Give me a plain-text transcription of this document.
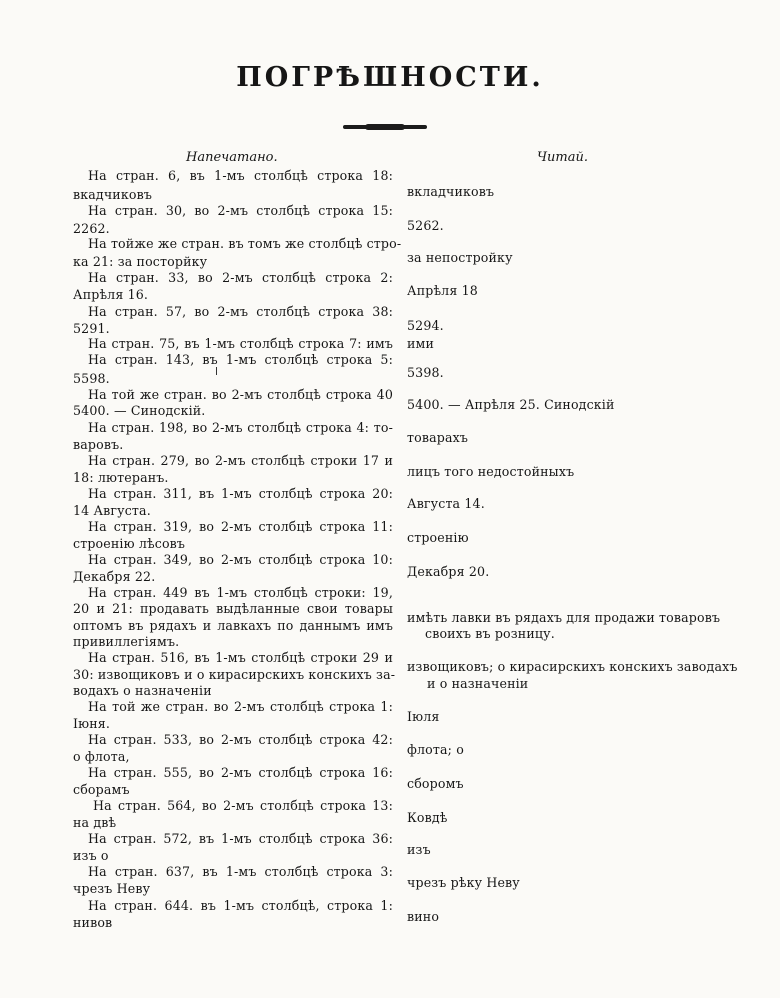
ПОГРѢШНОСТИ.
Напечатано.	Читай.
На стран. 6, въ 1-мъ столбцѣ строка 18:
вкадчиковъ
На стран. 30, во 2-мъ столбцѣ строка 15:
2262.
На тойже же стран. въ томъ же столбцѣ стро-
ка 21: за посторйку
На стран. 33, во 2-мъ столбцѣ строка 2:
Апрѣля 16.
На стран. 57, во 2-мъ столбцѣ строка 38:
5291.
На стран. 75, въ 1-мъ столбцѣ строка 7: имъ
На стран. 143, въ 1-мъ столбцѣ строка 5:
5598.
На той же стран. во 2-мъ столбцѣ строка 40
5400. — Синодскій.
На стран. 198, во 2-мъ столбцѣ строка 4: то-
варовъ.
На стран. 279, во 2-мъ столбцѣ строки 17 и
18: лютеранъ.
На стран. 311, въ 1-мъ столбцѣ строка 20:
14 Августа.
На стран. 319, во 2-мъ столбцѣ строка 11:
строенію лѣсовъ
На стран. 349, во 2-мъ столбцѣ строка 10:
Декабря 22.
На стран. 449 въ 1-мъ столбцѣ строки: 19,
20 и 21: продавать выдѣланные свои товары
оптомъ въ рядахъ и лавкахъ по даннымъ имъ
привиллегіямъ.
На стран. 516, въ 1-мъ столбцѣ строки 29 и
30: извощиковъ и о кирасирскихъ конскихъ за-
водахъ о назначеніи
На той же стран. во 2-мъ столбцѣ строка 1:
Іюня.
На стран. 533, во 2-мъ столбцѣ строка 42:
о флота,
На стран. 555, во 2-мъ столбцѣ строка 16:
сборамъ
На стран. 564, во 2-мъ столбцѣ строка 13:
на двѣ
На стран. 572, въ 1-мъ столбцѣ строка 36:
изъ о
На стран. 637, въ 1-мъ столбцѣ строка 3:
чрезъ Неву
На стран. 644. въ 1-мъ столбцѣ, строка 1:
нивов
вкладчиковъ
5262.
за непостройку
Апрѣля 18
5294.
ими
5398.
5400. — Апрѣля 25. Синодскій
товарахъ
лицъ того недостойныхъ
Августа 14.
строенію
Декабря 20.
имѣть лавки въ рядахъ для продажи товаровъ
своихъ въ розницу.
извощиковъ; о кирасирскихъ конскихъ заводахъ
и о назначеніи
Іюля
флота; о
сборомъ
Ковдѣ
изъ
чрезъ рѣку Неву
вино
